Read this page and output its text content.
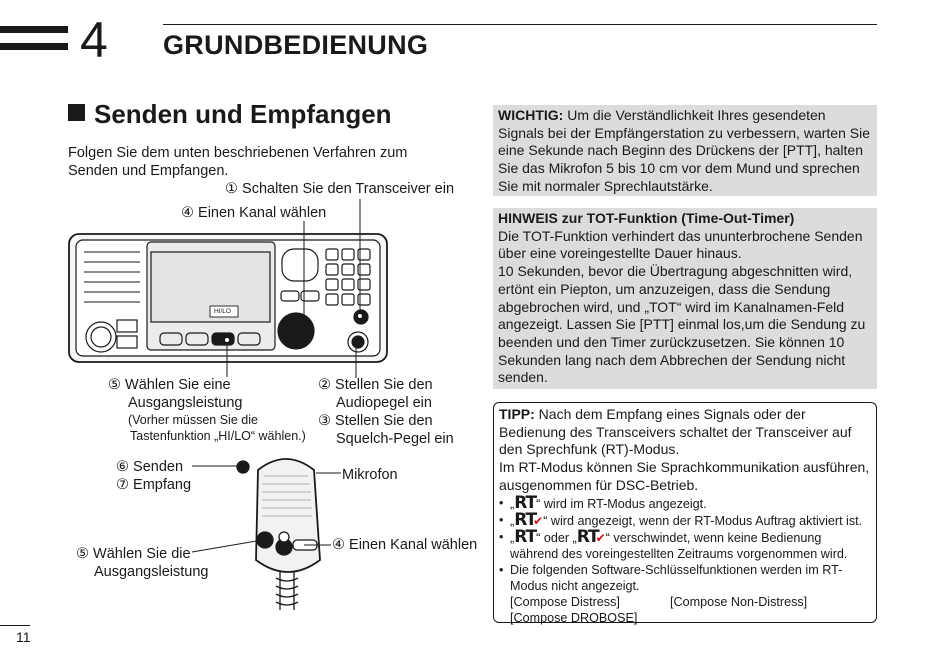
4 GRUNDBEDIENUNG
Senden und Empfangen
Folgen Sie dem unten beschriebenen Verfahren zum Senden und Empfangen.
HI/LO
① Schalten Sie den Transceiver ein
④ Einen Kanal wählen
⑤ Wählen Sie eine
Ausgangsleistung
(Vorher müssen Sie die
Tastenfunktion „HI/LO“ wählen.)
② Stellen Sie den
Audiopegel ein
③ Stellen Sie den
Squelch-Pegel ein
⑥ Senden
⑦ Empfang
Mikrofon
⑤ Wählen Sie die
Ausgangsleistung
④ Einen Kanal wählen

WICHTIG: Um die Verständlichkeit Ihres gesendeten Signals bei der Empfängerstation zu verbessern, warten Sie eine Sekunde nach Beginn des Drückens der [PTT], halten Sie das Mikrofon 5 bis 10 cm vor dem Mund und sprechen Sie mit normaler Sprechlautstärke.

HINWEIS zur TOT-Funktion (Time-Out-Timer)

Die TOT-Funktion verhindert das ununterbrochene Senden über eine voreingestellte Dauer hinaus.

10 Sekunden, bevor die Übertragung abgeschnitten wird, ertönt ein Piepton, um anzuzeigen, dass die Sendung abgebrochen wird, und „TOT“ wird im Kanalnamen-Feld angezeigt. Lassen Sie [PTT] einmal los,um die Sendung zu beenden und den Timer zurückzusetzen. Sie können 10 Sekunden lang nach dem Abbrechen der Sendung nicht senden.

TIPP: Nach dem Empfang eines Signals oder der Bedienung des Transceivers schaltet der Transceiver auf den Sprechfunk (RT)-Modus.

Im RT-Modus können Sie Sprachkommunikation ausführen, ausgenommen für DSC-Betrieb.

• „RT“ wird im RT-Modus angezeigt.
• „RT✔“ wird angezeigt, wenn der RT-Modus Auftrag aktiviert ist.
• „RT“ oder „RT✔“ verschwindet, wenn keine Bedienung während des voreingestellten Zeitraums vorgenommen wird.
• Die folgenden Software-Schlüsselfunktionen werden im RT-Modus nicht angezeigt.
[Compose Distress]	[Compose Non-Distress]
[Compose DROBOSE]
11
